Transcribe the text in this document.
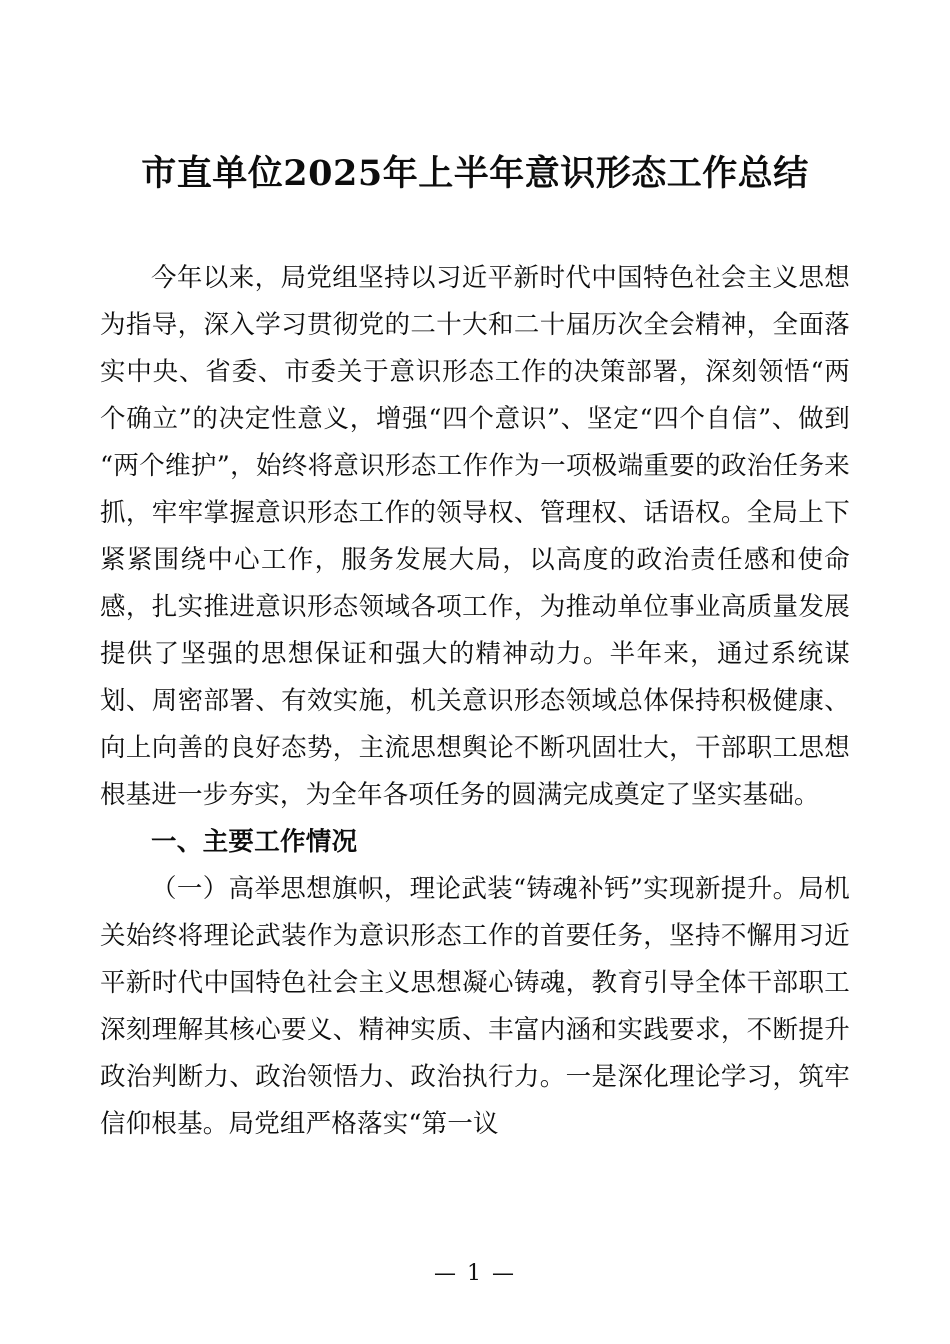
市直单位2025年上半年意识形态工作总结

今年以来，局党组坚持以习近平新时代中国特色社会主义思想为指导，深入学习贯彻党的二十大和二十届历次全会精神，全面落实中央、省委、市委关于意识形态工作的决策部署，深刻领悟“两个确立”的决定性意义，增强“四个意识”、坚定“四个自信”、做到“两个维护”，始终将意识形态工作作为一项极端重要的政治任务来抓，牢牢掌握意识形态工作的领导权、管理权、话语权。全局上下紧紧围绕中心工作，服务发展大局，以高度的政治责任感和使命感，扎实推进意识形态领域各项工作，为推动单位事业高质量发展提供了坚强的思想保证和强大的精神动力。半年来，通过系统谋划、周密部署、有效实施，机关意识形态领域总体保持积极健康、向上向善的良好态势，主流思想舆论不断巩固壮大，干部职工思想根基进一步夯实，为全年各项任务的圆满完成奠定了坚实基础。

一、主要工作情况

（一）高举思想旗帜，理论武装“铸魂补钙”实现新提升。局机关始终将理论武装作为意识形态工作的首要任务，坚持不懈用习近平新时代中国特色社会主义思想凝心铸魂，教育引导全体干部职工深刻理解其核心要义、精神实质、丰富内涵和实践要求，不断提升政治判断力、政治领悟力、政治执行力。一是深化理论学习，筑牢信仰根基。局党组严格落实“第一议

— 1 —
